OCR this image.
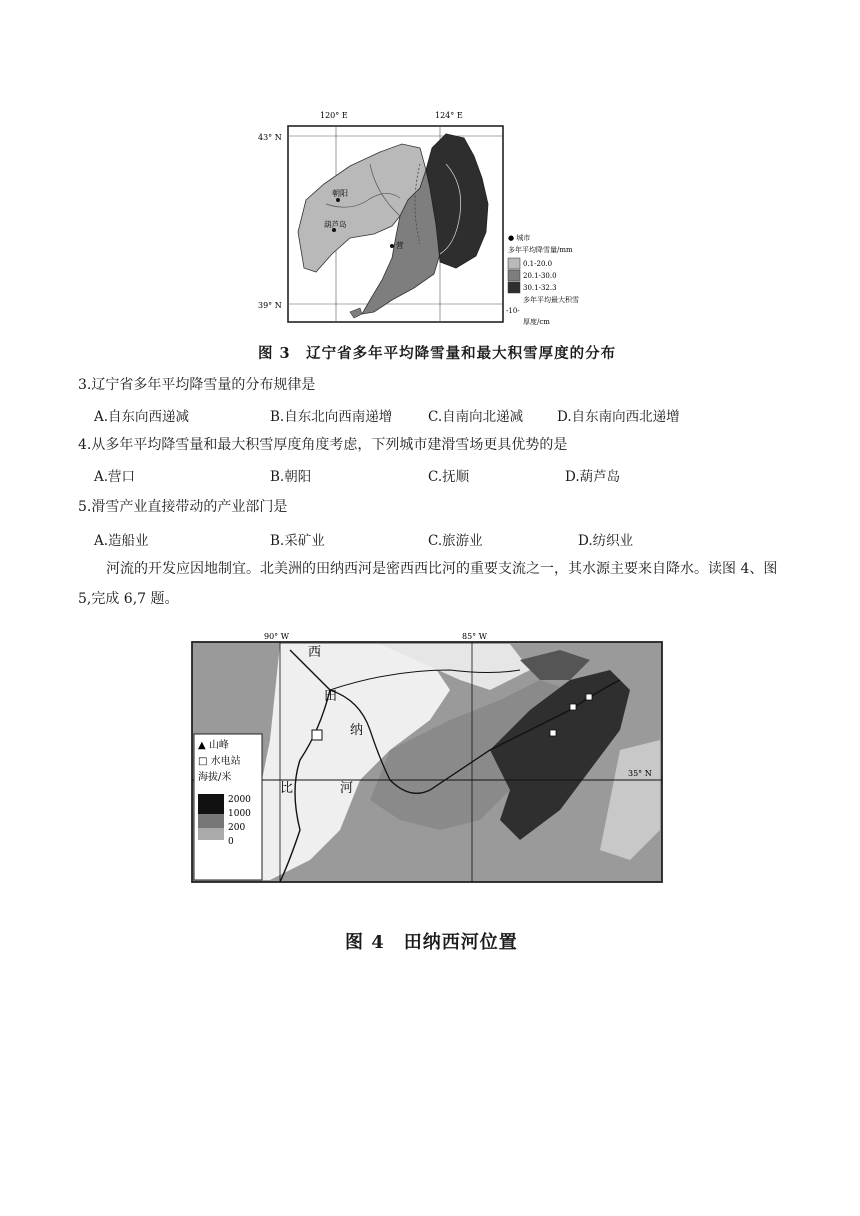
120° E	124° E
43° N
39° N
朝阳
葫芦岛
营
● 城市
多年平均降雪量/mm
0.1-20.0
20.1-30.0
30.1-32.3
多年平均最大积雪
-10-
厚度/cm
图 3　辽宁省多年平均降雪量和最大积雪厚度的分布
3.辽宁省多年平均降雪量的分布规律是
A.自东向西递减	B.自东北向西南递增	C.自南向北递减	D.自东南向西北递增
4.从多年平均降雪量和最大积雪厚度角度考虑，下列城市建滑雪场更具优势的是
A.营口	B.朝阳	C.抚顺	D.葫芦岛
5.滑雪产业直接带动的产业部门是
A.造船业	B.采矿业	C.旅游业	D.纺织业
河流的开发应因地制宜。北美洲的田纳西河是密西西比河的重要支流之一，其水源主要来自降水。读图 4、图 5,完成 6,7 题。
90° W	85° W
35° N
西
田
纳
比	河
▲ 山峰
□ 水电站
海拔/米
2000
1000
200
0
图 4　田纳西河位置
